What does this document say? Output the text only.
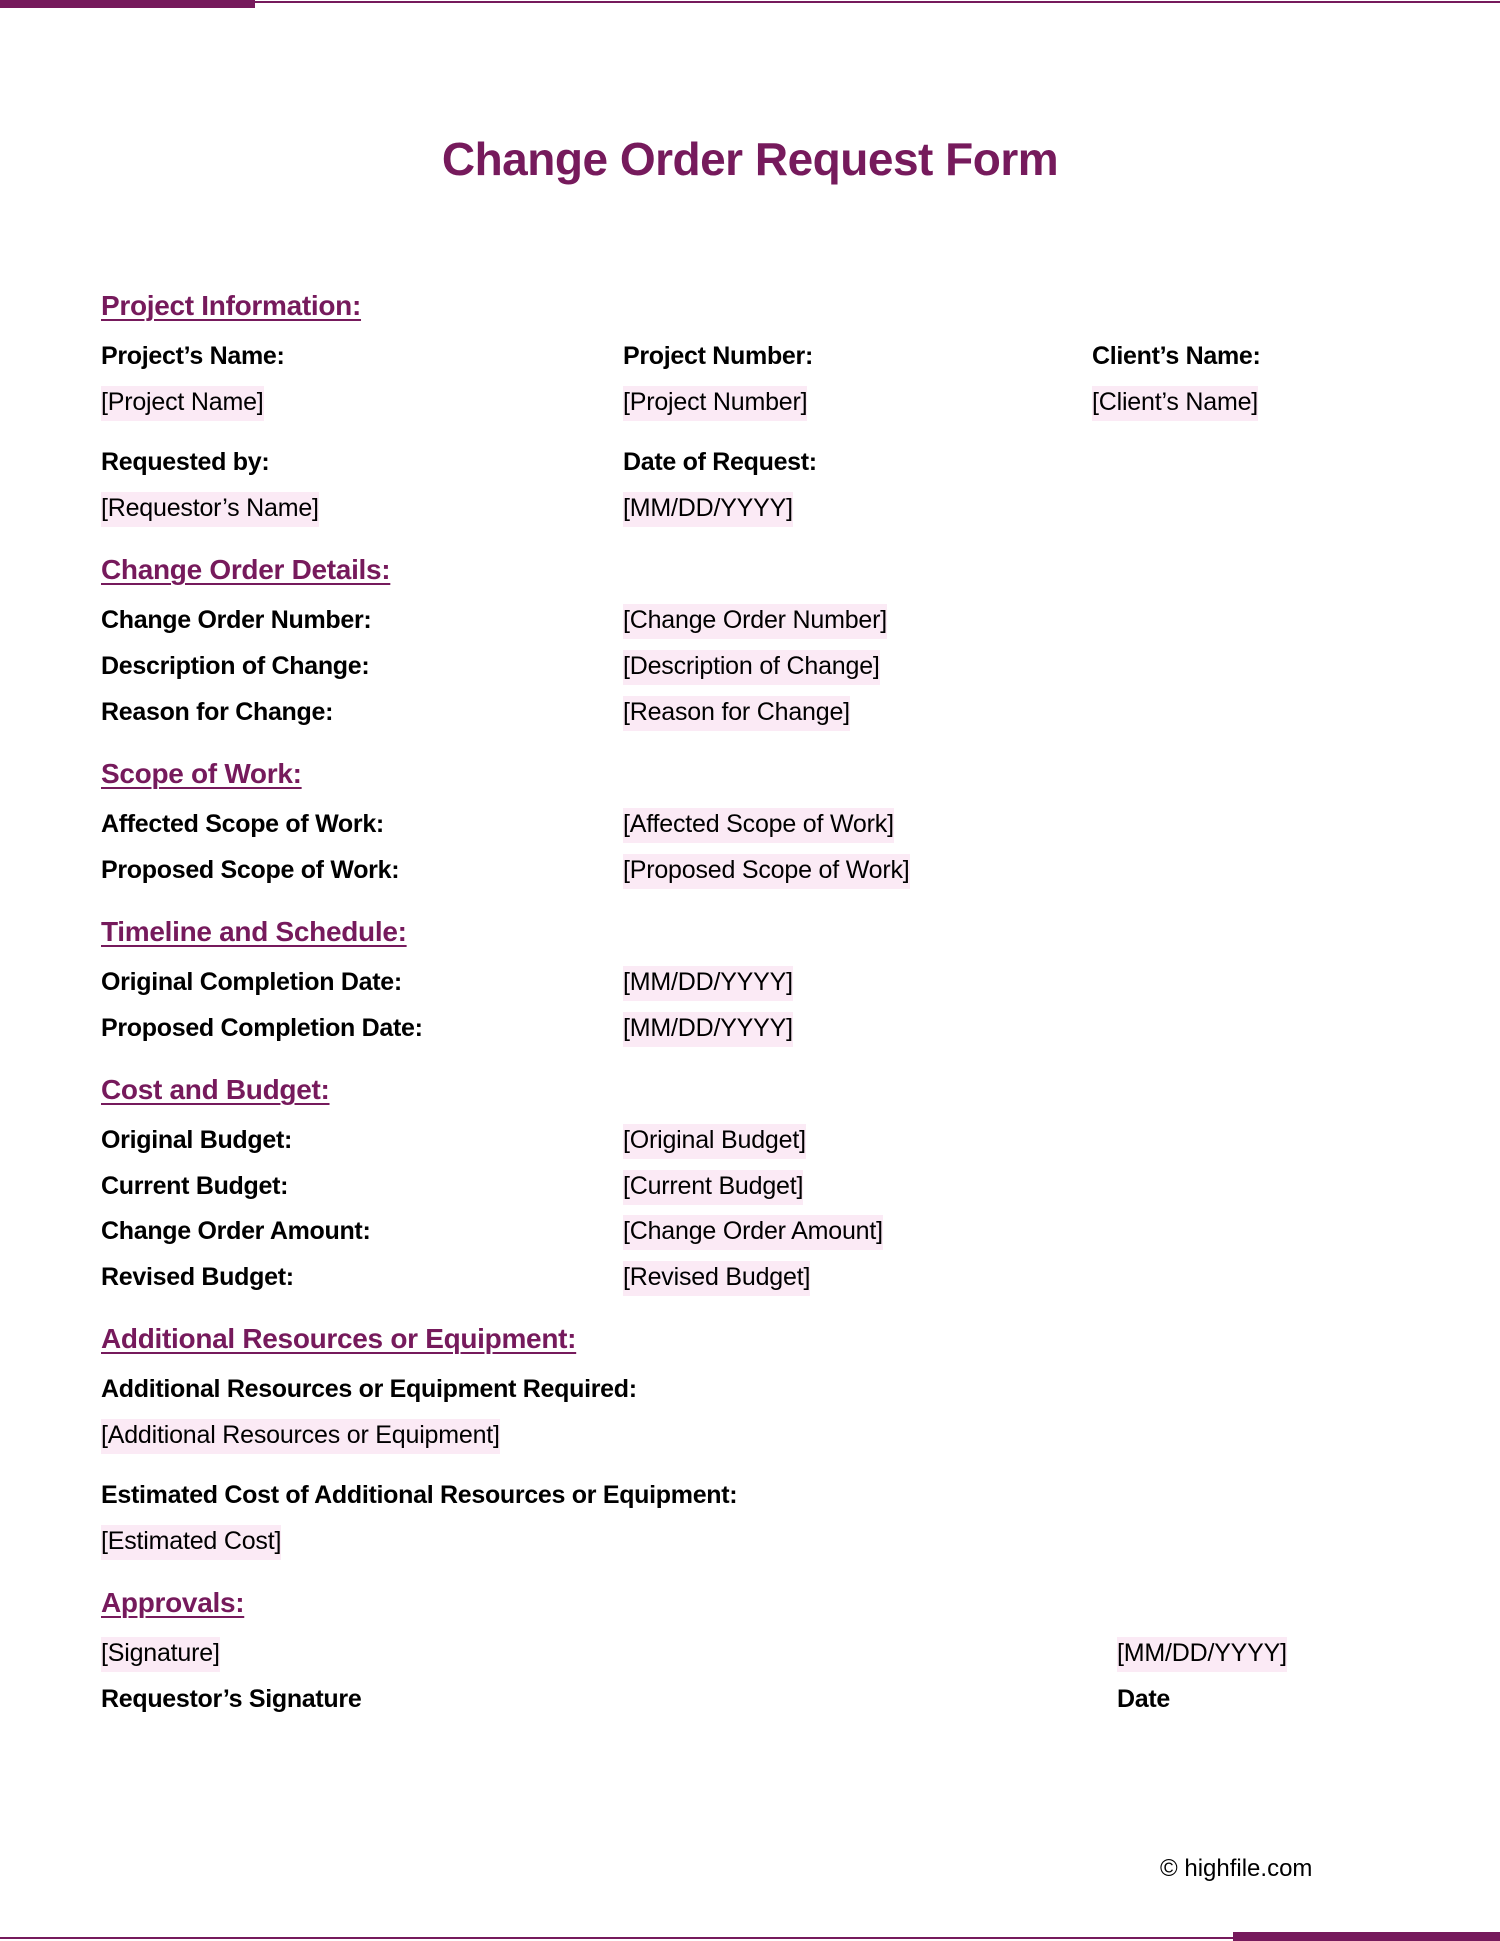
Change Order Request Form
Project Information:
Project’s Name:
[Project Name]
Project Number:
[Project Number]
Client’s Name:
[Client’s Name]
Requested by:
[Requestor’s Name]
Date of Request:
[MM/DD/YYYY]
Change Order Details:
Change Order Number:	[Change Order Number]
Description of Change:	[Description of Change]
Reason for Change:	[Reason for Change]
Scope of Work:
Affected Scope of Work:	[Affected Scope of Work]
Proposed Scope of Work:	[Proposed Scope of Work]
Timeline and Schedule:
Original Completion Date:	[MM/DD/YYYY]
Proposed Completion Date:	[MM/DD/YYYY]
Cost and Budget:
Original Budget:	[Original Budget]
Current Budget:	[Current Budget]
Change Order Amount:	[Change Order Amount]
Revised Budget:	[Revised Budget]
Additional Resources or Equipment:
Additional Resources or Equipment Required:
[Additional Resources or Equipment]
Estimated Cost of Additional Resources or Equipment:
[Estimated Cost]
Approvals:
[Signature]
Requestor’s Signature
[MM/DD/YYYY]
Date
© highfile.com
